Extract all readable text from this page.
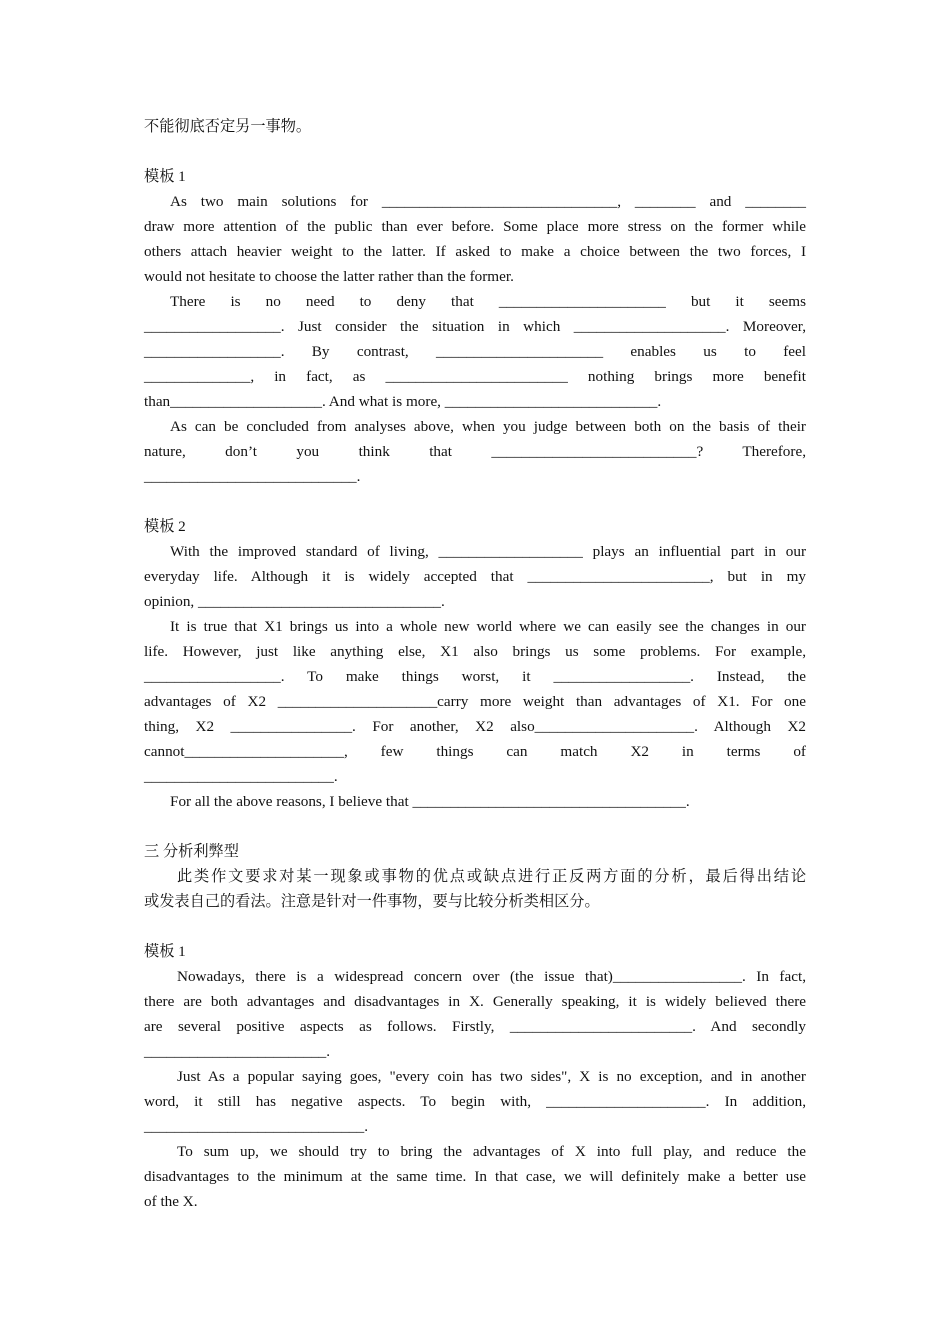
不能彻底否定另一事物。

模板 1

As two main solutions for _______________________________, ________ and ________
draw more attention of the public than ever before. Some place more stress on the former while
others attach heavier weight to the latter. If asked to make a choice between the two forces, I
would not hesitate to choose the latter rather than the former.
There is no need to deny that ______________________ but it seems
__________________. Just consider the situation in which ____________________. Moreover,
__________________. By contrast, ______________________ enables us to feel
______________, in fact, as ________________________ nothing brings more benefit
than____________________. And what is more, ____________________________.
As can be concluded from analyses above, when you judge between both on the basis of their
nature, don’t you think that ___________________________? Therefore,
____________________________.

模板 2

With the improved standard of living, ___________________ plays an influential part in our
everyday life. Although it is widely accepted that ________________________, but in my
opinion, ________________________________.
It is true that X1 brings us into a whole new world where we can easily see the changes in our
life. However, just like anything else, X1 also brings us some problems. For example,
__________________. To make things worst, it __________________. Instead, the
advantages of X2 _____________________carry more weight than advantages of X1. For one
thing, X2 ________________. For another, X2 also_____________________. Although X2
cannot_____________________, few things can match X2 in terms of
_________________________.
For all the above reasons, I believe that ____________________________________.

三 分析利弊型

此类作文要求对某一现象或事物的优点或缺点进行正反两方面的分析，最后得出结论
或发表自己的看法。注意是针对一件事物，要与比较分析类相区分。

模板 1

Nowadays, there is a widespread concern over (the issue that)_________________. In fact,
there are both advantages and disadvantages in X. Generally speaking, it is widely believed there
are several positive aspects as follows. Firstly, ________________________. And secondly
________________________.
Just As a popular saying goes, "every coin has two sides", X is no exception, and in another
word, it still has negative aspects. To begin with, _____________________. In addition,
_____________________________.
To sum up, we should try to bring the advantages of X into full play, and reduce the
disadvantages to the minimum at the same time. In that case, we will definitely make a better use
of the X.
